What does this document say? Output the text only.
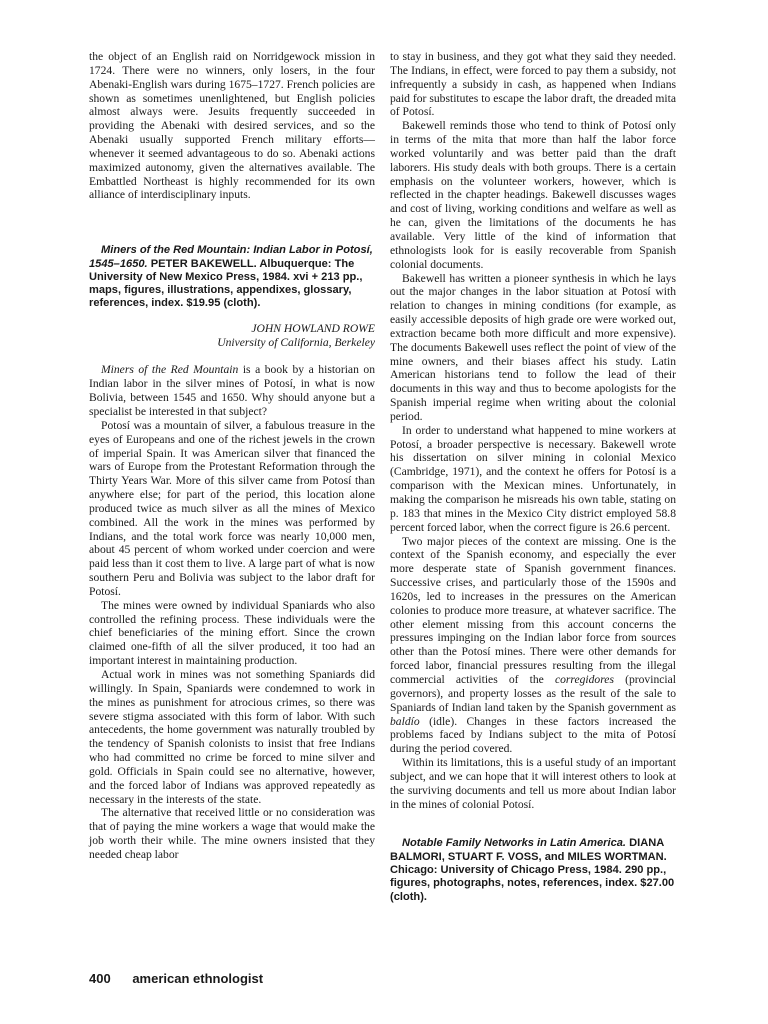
the object of an English raid on Norridgewock mission in 1724. There were no winners, only losers, in the four Abenaki-English wars during 1675–1727. French policies are shown as sometimes unenlightened, but English policies almost always were. Jesuits frequently succeeded in providing the Abenaki with desired services, and so the Abenaki usually supported French military efforts—whenever it seemed advantageous to do so. Abenaki actions maximized autonomy, given the alternatives available. The Embattled Northeast is highly recommended for its own alliance of interdisciplinary inputs.

Miners of the Red Mountain: Indian Labor in Potosí, 1545–1650. PETER BAKEWELL. Albuquerque: The University of New Mexico Press, 1984. xvi + 213 pp., maps, figures, illustrations, appendixes, glossary, references, index. $19.95 (cloth).

JOHN HOWLAND ROWE
University of California, Berkeley

Miners of the Red Mountain is a book by a historian on Indian labor in the silver mines of Potosí, in what is now Bolivia, between 1545 and 1650. Why should anyone but a specialist be interested in that subject?

Potosí was a mountain of silver, a fabulous treasure in the eyes of Europeans and one of the richest jewels in the crown of imperial Spain. It was American silver that financed the wars of Europe from the Protestant Reformation through the Thirty Years War. More of this silver came from Potosí than anywhere else; for part of the period, this location alone produced twice as much silver as all the mines of Mexico combined. All the work in the mines was performed by Indians, and the total work force was nearly 10,000 men, about 45 percent of whom worked under coercion and were paid less than it cost them to live. A large part of what is now southern Peru and Bolivia was subject to the labor draft for Potosí.

The mines were owned by individual Spaniards who also controlled the refining process. These individuals were the chief beneficiaries of the mining effort. Since the crown claimed one-fifth of all the silver produced, it too had an important interest in maintaining production.

Actual work in mines was not something Spaniards did willingly. In Spain, Spaniards were condemned to work in the mines as punishment for atrocious crimes, so there was severe stigma associated with this form of labor. With such antecedents, the home government was naturally troubled by the tendency of Spanish colonists to insist that free Indians who had committed no crime be forced to mine silver and gold. Officials in Spain could see no alternative, however, and the forced labor of Indians was approved repeatedly as necessary in the interests of the state.

The alternative that received little or no consideration was that of paying the mine workers a wage that would make the job worth their while. The mine owners insisted that they needed cheap labor

to stay in business, and they got what they said they needed. The Indians, in effect, were forced to pay them a subsidy, not infrequently a subsidy in cash, as happened when Indians paid for substitutes to escape the labor draft, the dreaded mita of Potosí.

Bakewell reminds those who tend to think of Potosí only in terms of the mita that more than half the labor force worked voluntarily and was better paid than the draft laborers. His study deals with both groups. There is a certain emphasis on the volunteer workers, however, which is reflected in the chapter headings. Bakewell discusses wages and cost of living, working conditions and welfare as well as he can, given the limitations of the documents he has available. Very little of the kind of information that ethnologists look for is easily recoverable from Spanish colonial documents.

Bakewell has written a pioneer synthesis in which he lays out the major changes in the labor situation at Potosí with relation to changes in mining conditions (for example, as easily accessible deposits of high grade ore were worked out, extraction became both more difficult and more expensive). The documents Bakewell uses reflect the point of view of the mine owners, and their biases affect his study. Latin American historians tend to follow the lead of their documents in this way and thus to become apologists for the Spanish imperial regime when writing about the colonial period.

In order to understand what happened to mine workers at Potosí, a broader perspective is necessary. Bakewell wrote his dissertation on silver mining in colonial Mexico (Cambridge, 1971), and the context he offers for Potosí is a comparison with the Mexican mines. Unfortunately, in making the comparison he misreads his own table, stating on p. 183 that mines in the Mexico City district employed 58.8 percent forced labor, when the correct figure is 26.6 percent.

Two major pieces of the context are missing. One is the context of the Spanish economy, and especially the ever more desperate state of Spanish government finances. Successive crises, and particularly those of the 1590s and 1620s, led to increases in the pressures on the American colonies to produce more treasure, at whatever sacrifice. The other element missing from this account concerns the pressures impinging on the Indian labor force from sources other than the Potosí mines. There were other demands for forced labor, financial pressures resulting from the illegal commercial activities of the corregidores (provincial governors), and property losses as the result of the sale to Spaniards of Indian land taken by the Spanish government as baldío (idle). Changes in these factors increased the problems faced by Indians subject to the mita of Potosí during the period covered.

Within its limitations, this is a useful study of an important subject, and we can hope that it will interest others to look at the surviving documents and tell us more about Indian labor in the mines of colonial Potosí.

Notable Family Networks in Latin America. DIANA BALMORI, STUART F. VOSS, and MILES WORTMAN. Chicago: University of Chicago Press, 1984. 290 pp., figures, photographs, notes, references, index. $27.00 (cloth).

400 american ethnologist
